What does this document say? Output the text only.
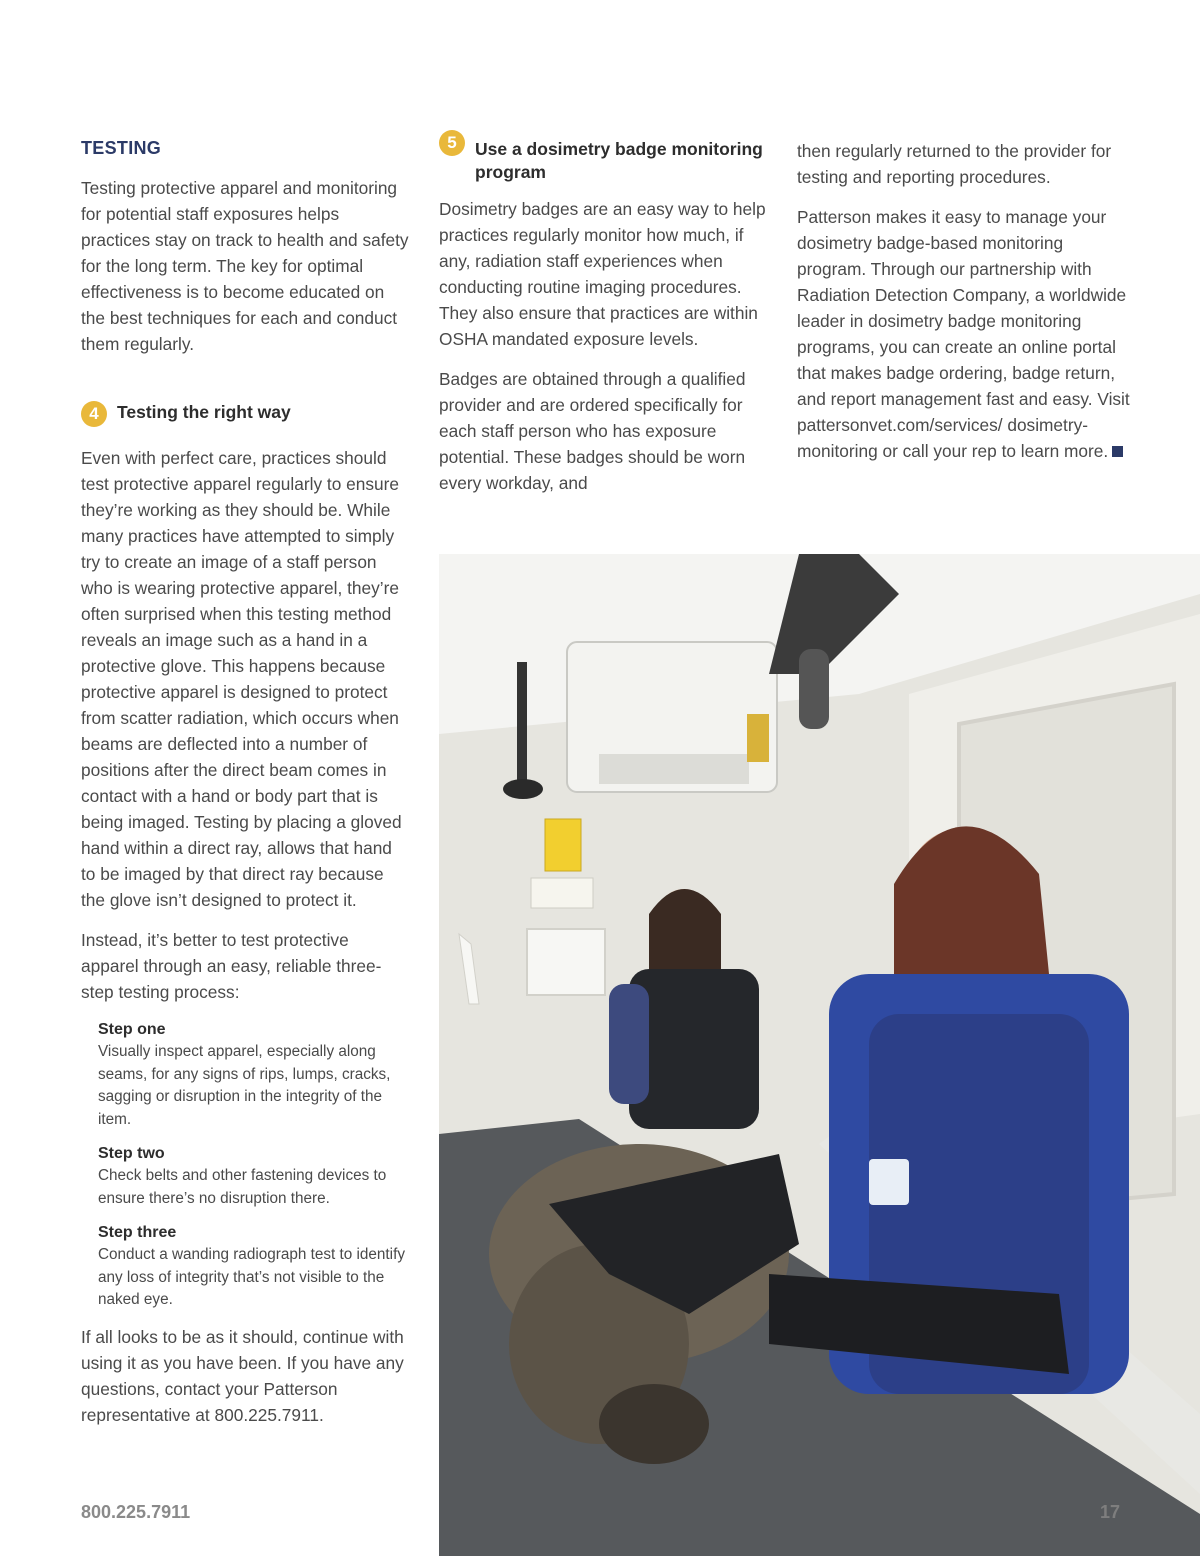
TESTING

Testing protective apparel and monitoring for potential staff exposures helps practices stay on track to health and safety for the long term. The key for optimal effectiveness is to become educated on the best techniques for each and conduct them regularly.

4	Testing the right way

Even with perfect care, practices should test protective apparel regularly to ensure they’re working as they should be. While many practices have attempted to simply try to create an image of a staff person who is wearing protective apparel, they’re often surprised when this testing method reveals an image such as a hand in a protective glove. This happens because protective apparel is designed to protect from scatter radiation, which occurs when beams are deflected into a number of positions after the direct beam comes in contact with a hand or body part that is being imaged. Testing by placing a gloved hand within a direct ray, allows that hand to be imaged by that direct ray because the glove isn’t designed to protect it.

Instead, it’s better to test protective apparel through an easy, reliable three-step testing process:

Step one
Visually inspect apparel, especially along seams, for any signs of rips, lumps, cracks, sagging or disruption in the integrity of the item.
Step two
Check belts and other fastening devices to ensure there’s no disruption there.
Step three
Conduct a wanding radiograph test to identify any loss of integrity that’s not visible to the naked eye.

If all looks to be as it should, continue with using it as you have been. If you have any questions, contact your Patterson representative at 800.225.7911.

5	Use a dosimetry badge monitoring program

Dosimetry badges are an easy way to help practices regularly monitor how much, if any, radiation staff experiences when conducting routine imaging procedures. They also ensure that practices are within OSHA mandated exposure levels.

Badges are obtained through a qualified provider and are ordered specifically for each staff person who has exposure potential. These badges should be worn every workday, and

then regularly returned to the provider for testing and reporting procedures.

Patterson makes it easy to manage your dosimetry badge-based monitoring program. Through our partnership with Radiation Detection Company, a worldwide leader in dosimetry badge monitoring programs, you can create an online portal that makes badge ordering, badge return, and report management fast and easy. Visit pattersonvet.com/services/ dosimetry-monitoring or call your rep to learn more.

800.225.7911	17
